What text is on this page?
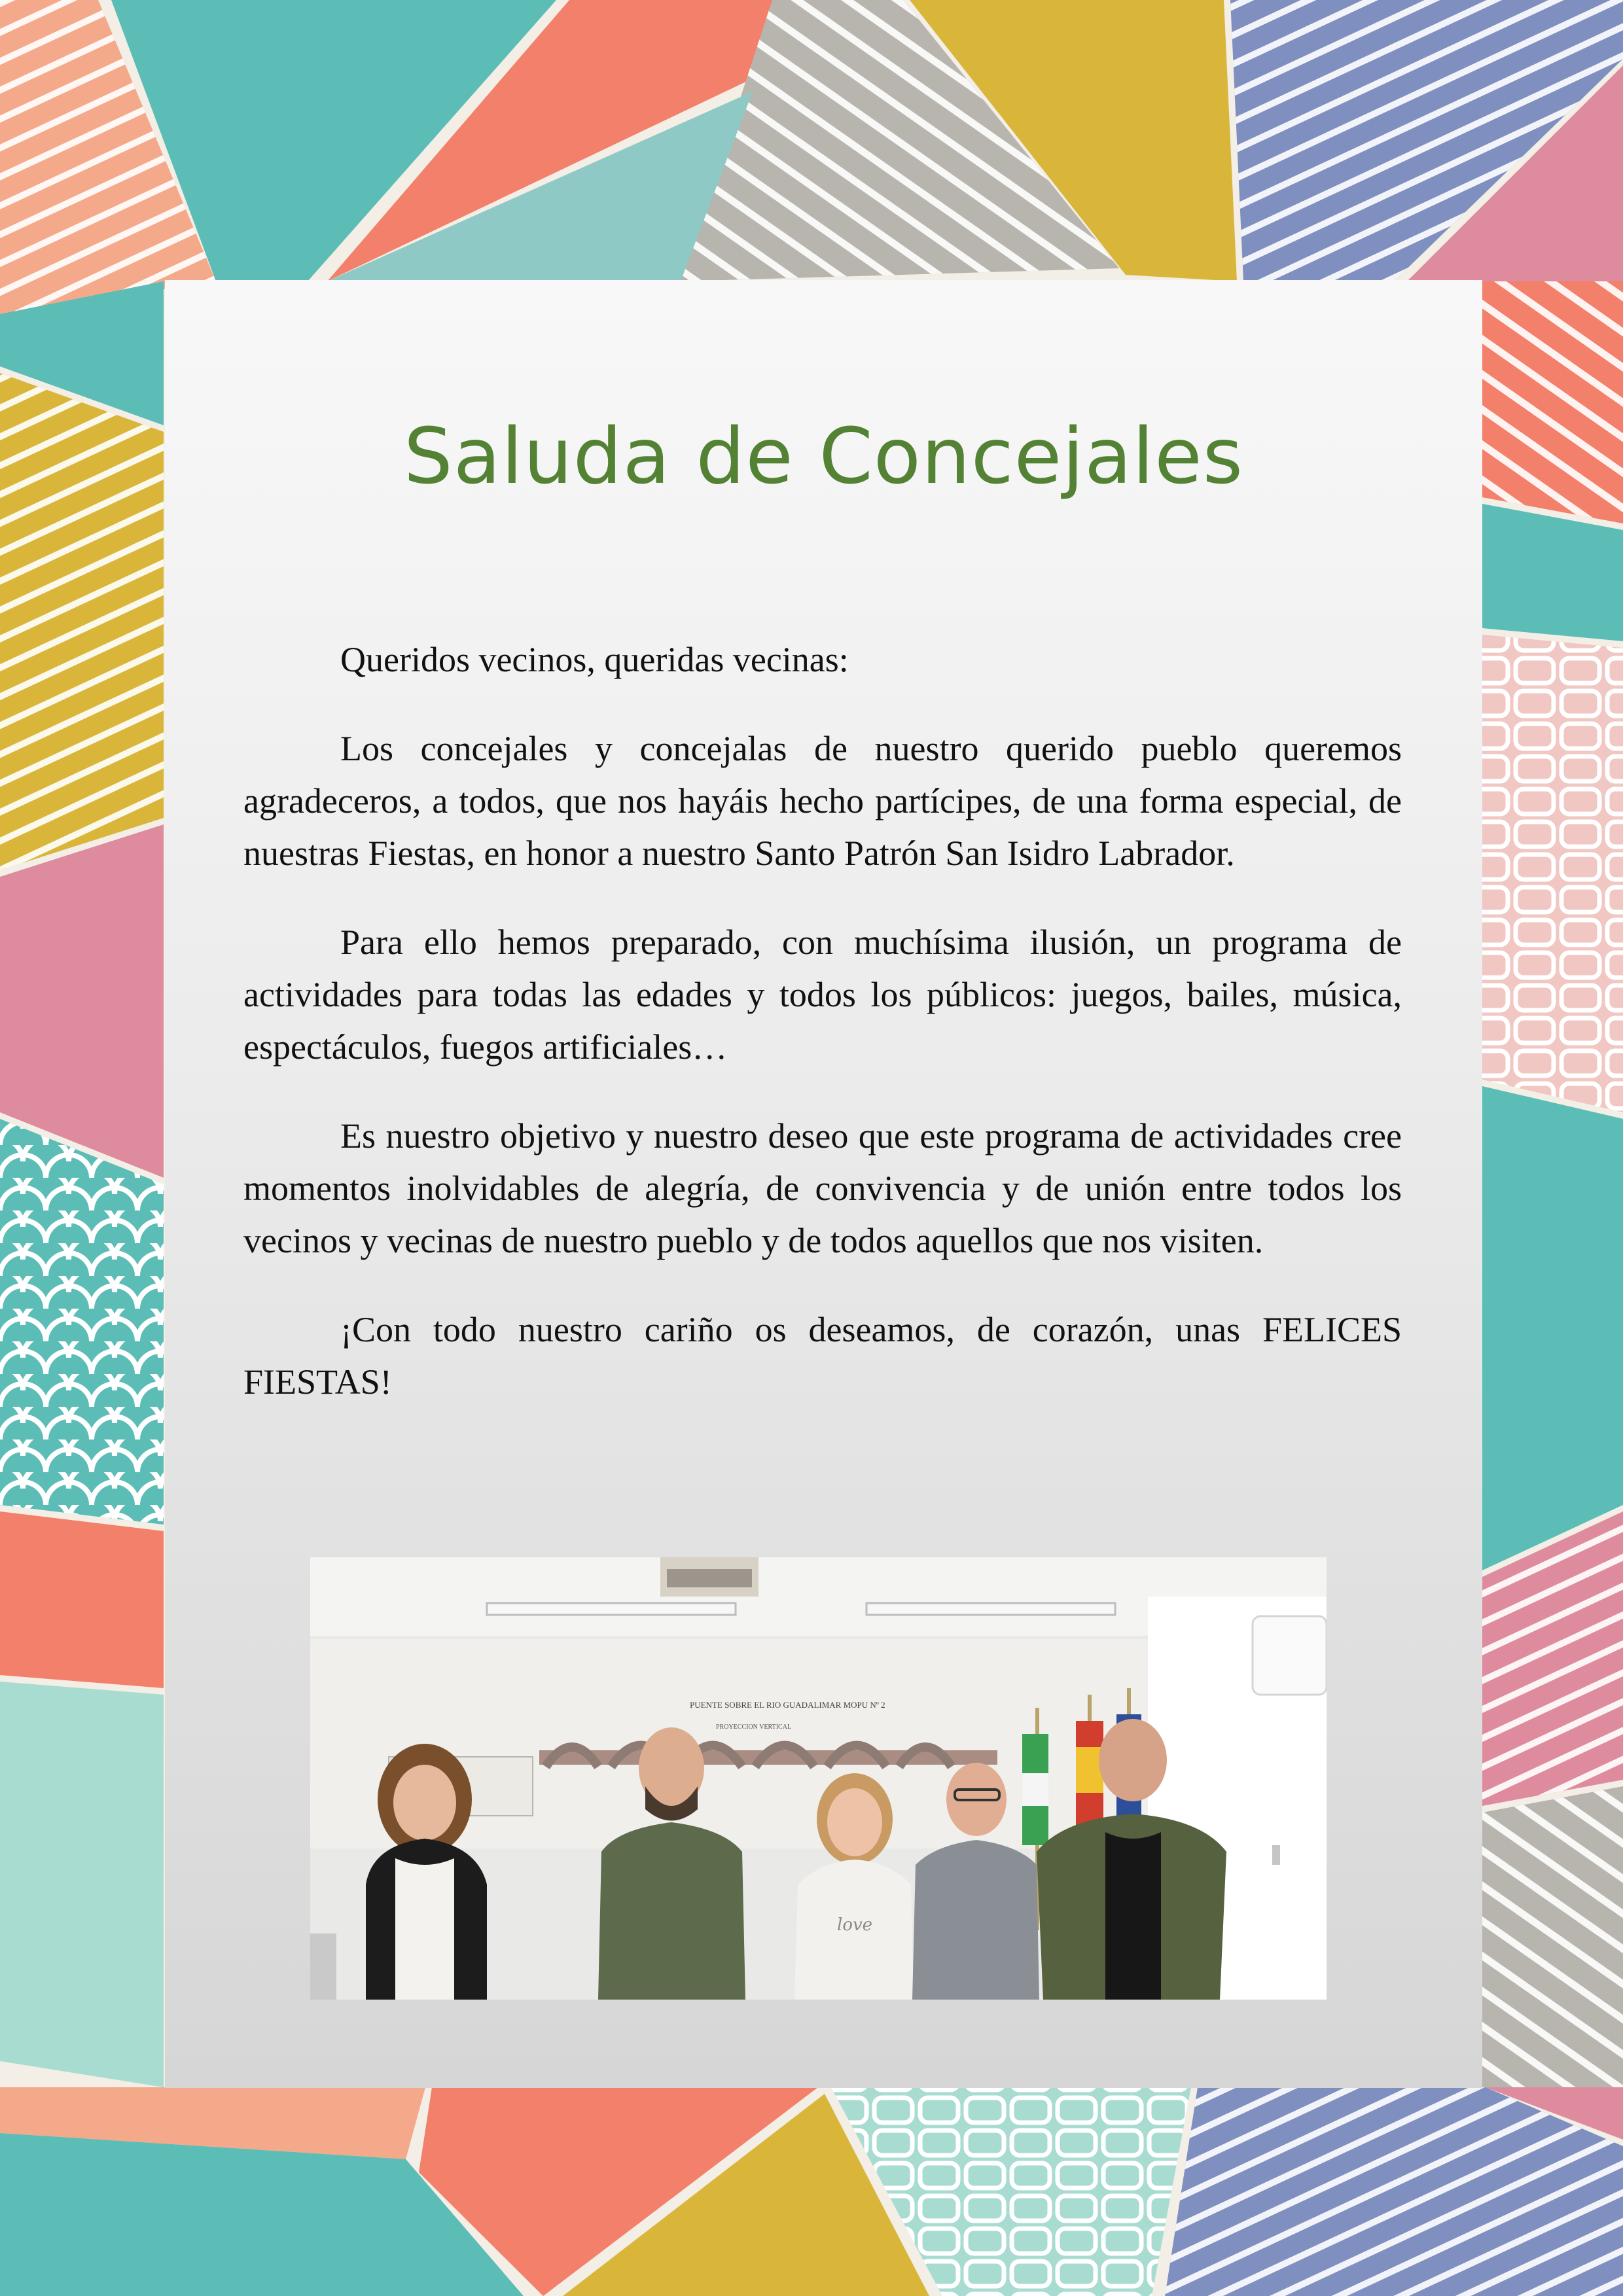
Saluda de Concejales

Queridos vecinos, queridas vecinas:

Los concejales y concejalas de nuestro querido pueblo queremos agradeceros, a todos, que nos hayáis hecho partícipes, de una forma especial, de nuestras Fiestas, en honor a nuestro Santo Patrón San Isidro Labrador.

Para ello hemos preparado, con muchísima ilusión, un programa de actividades para todas las edades y todos los públicos: juegos, bailes, música, espectáculos, fuegos artificiales…

Es nuestro objetivo y nuestro deseo que este programa de actividades cree momentos inolvidables de alegría, de convivencia y de unión entre todos los vecinos y vecinas de nuestro pueblo y de todos aquellos que nos visiten.

¡Con todo nuestro cariño os deseamos, de corazón, unas FELICES FIESTAS!

PUENTE SOBRE EL RIO GUADALIMAR MOPU Nº 2
PROYECCION VERTICAL
love
